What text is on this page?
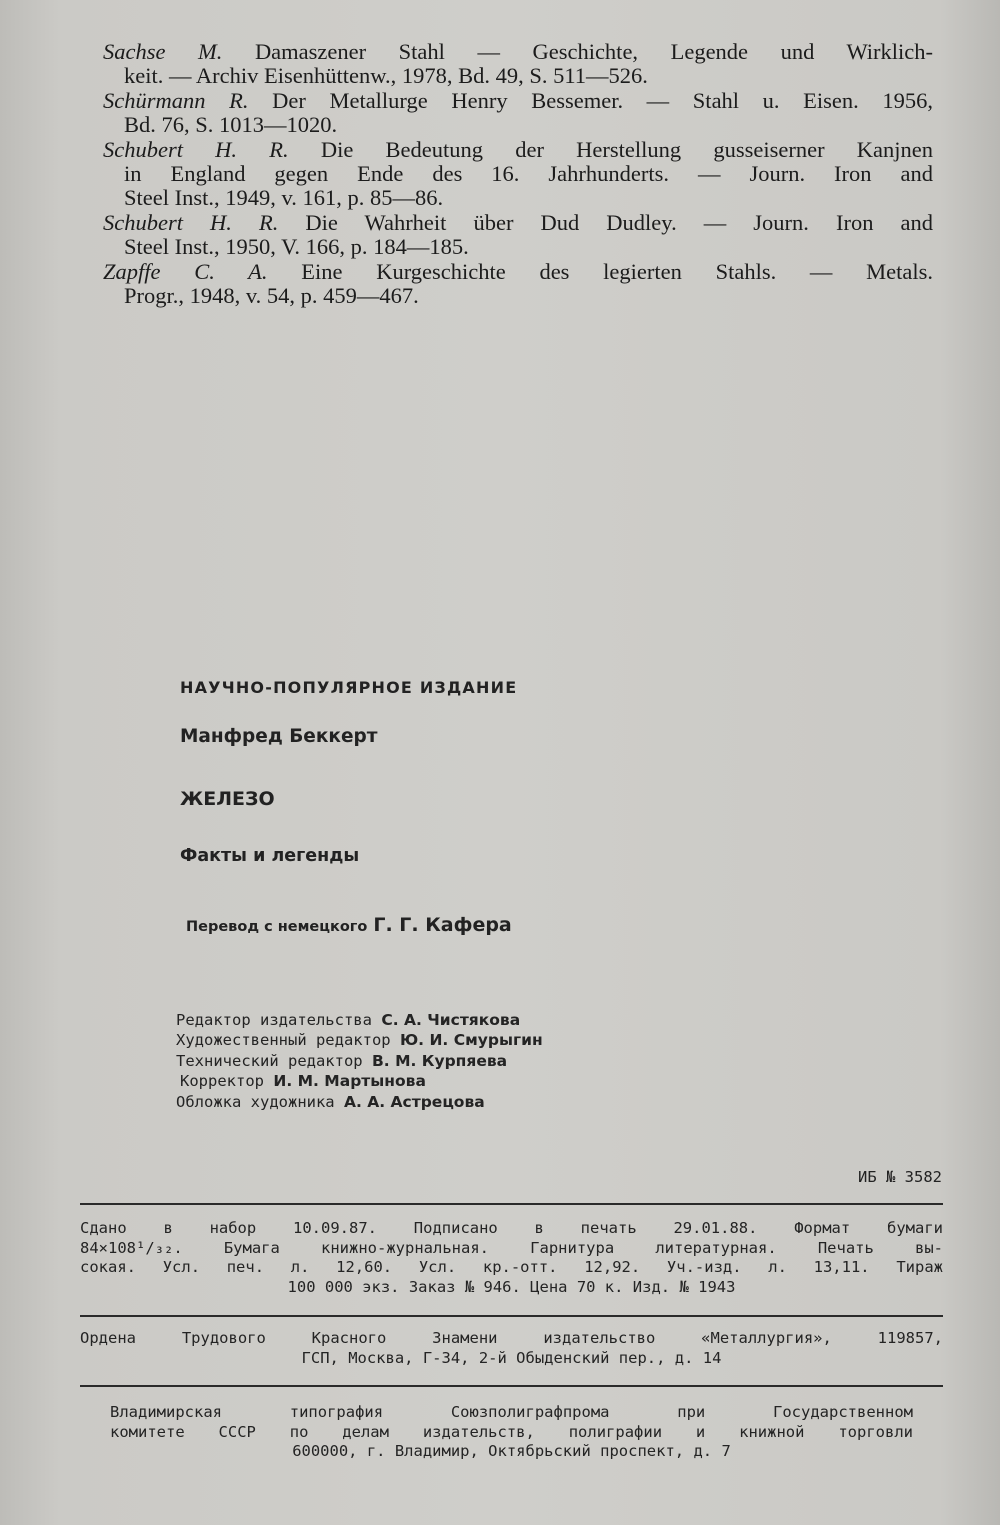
Sachse M. Damaszener Stahl — Geschichte, Legende und Wirklich-
keit. — Archiv Eisenhüttenw., 1978, Bd. 49, S. 511—526.
Schürmann R. Der Metallurge Henry Bessemer. — Stahl u. Eisen. 1956,
Bd. 76, S. 1013—1020.
Schubert H. R. Die Bedeutung der Herstellung gusseiserner Kanjnen
in England gegen Ende des 16. Jahrhunderts. — Journ. Iron and
Steel Inst., 1949, v. 161, p. 85—86.
Schubert H. R. Die Wahrheit über Dud Dudley. — Journ. Iron and
Steel Inst., 1950, V. 166, p. 184—185.
Zapffe C. A. Eine Kurgeschichte des legierten Stahls. — Metals.
Progr., 1948, v. 54, p. 459—467.
НАУЧНО-ПОПУЛЯРНОЕ ИЗДАНИЕ
Манфред Беккерт
ЖЕЛЕЗО
Факты и легенды
Перевод с немецкого Г. Г. Кафера
Редактор издательства С. А. Чистякова
Художественный редактор Ю. И. Смурыгин
Технический редактор В. М. Курпяева
Корректор И. М. Мартынова
Обложка художника А. А. Астрецова
ИБ № 3582
Сдано в набор 10.09.87. Подписано в печать 29.01.88. Формат бумаги
84×108¹/₃₂. Бумага книжно-журнальная. Гарнитура литературная. Печать вы-
сокая. Усл. печ. л. 12,60. Усл. кр.-отт. 12,92. Уч.-изд. л. 13,11. Тираж
100 000 экз. Заказ № 946. Цена 70 к. Изд. № 1943
Ордена Трудового Красного Знамени издательство «Металлургия», 119857,
ГСП, Москва, Г-34, 2-й Обыденский пер., д. 14
Владимирская типография Союзполиграфпрома при Государственном
комитете СССР по делам издательств, полиграфии и книжной торговли
600000, г. Владимир, Октябрьский проспект, д. 7
